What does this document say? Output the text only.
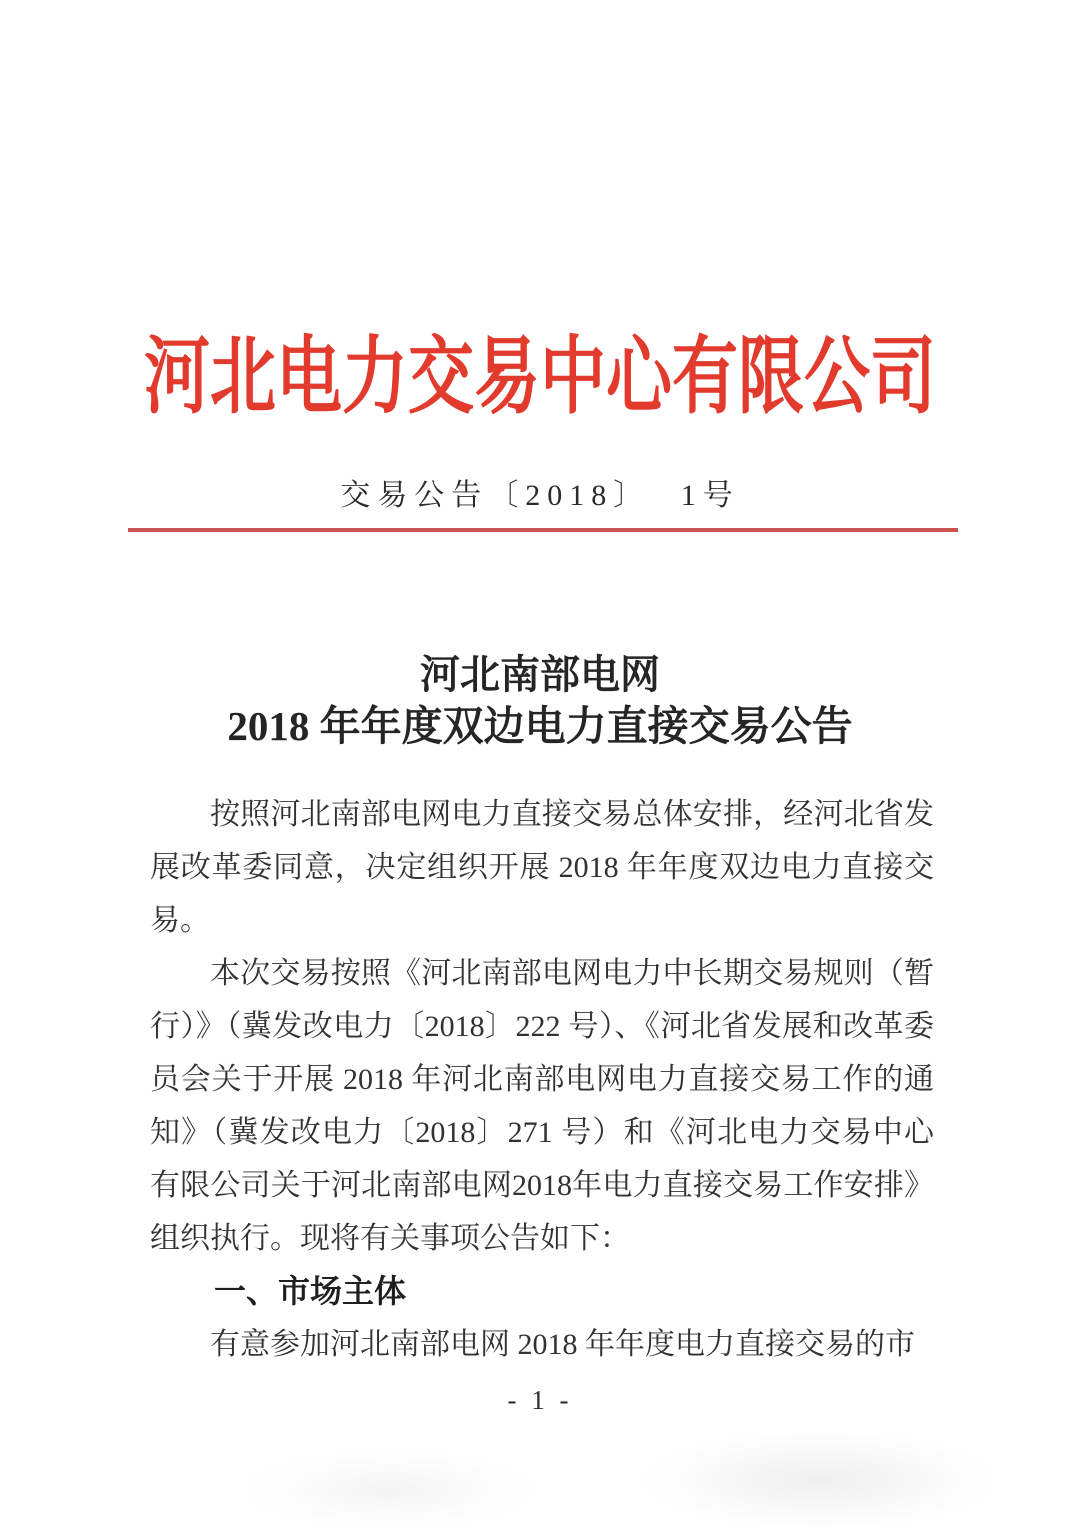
河北电力交易中心有限公司
交易公告〔2018〕 1号
河北南部电网
2018 年年度双边电力直接交易公告

按照河北南部电网电力直接交易总体安排，经河北省发展改革委同意，决定组织开展 2018 年年度双边电力直接交易。

本次交易按照《河北南部电网电力中长期交易规则（暂行）》（冀发改电力〔2018〕222 号）、《河北省发展和改革委员会关于开展 2018 年河北南部电网电力直接交易工作的通知》（冀发改电力〔2018〕271 号）和《河北电力交易中心有限公司关于河北南部电网2018年电力直接交易工作安排》组织执行。现将有关事项公告如下：

一、市场主体

有意参加河北南部电网 2018 年年度电力直接交易的市

- 1 -
